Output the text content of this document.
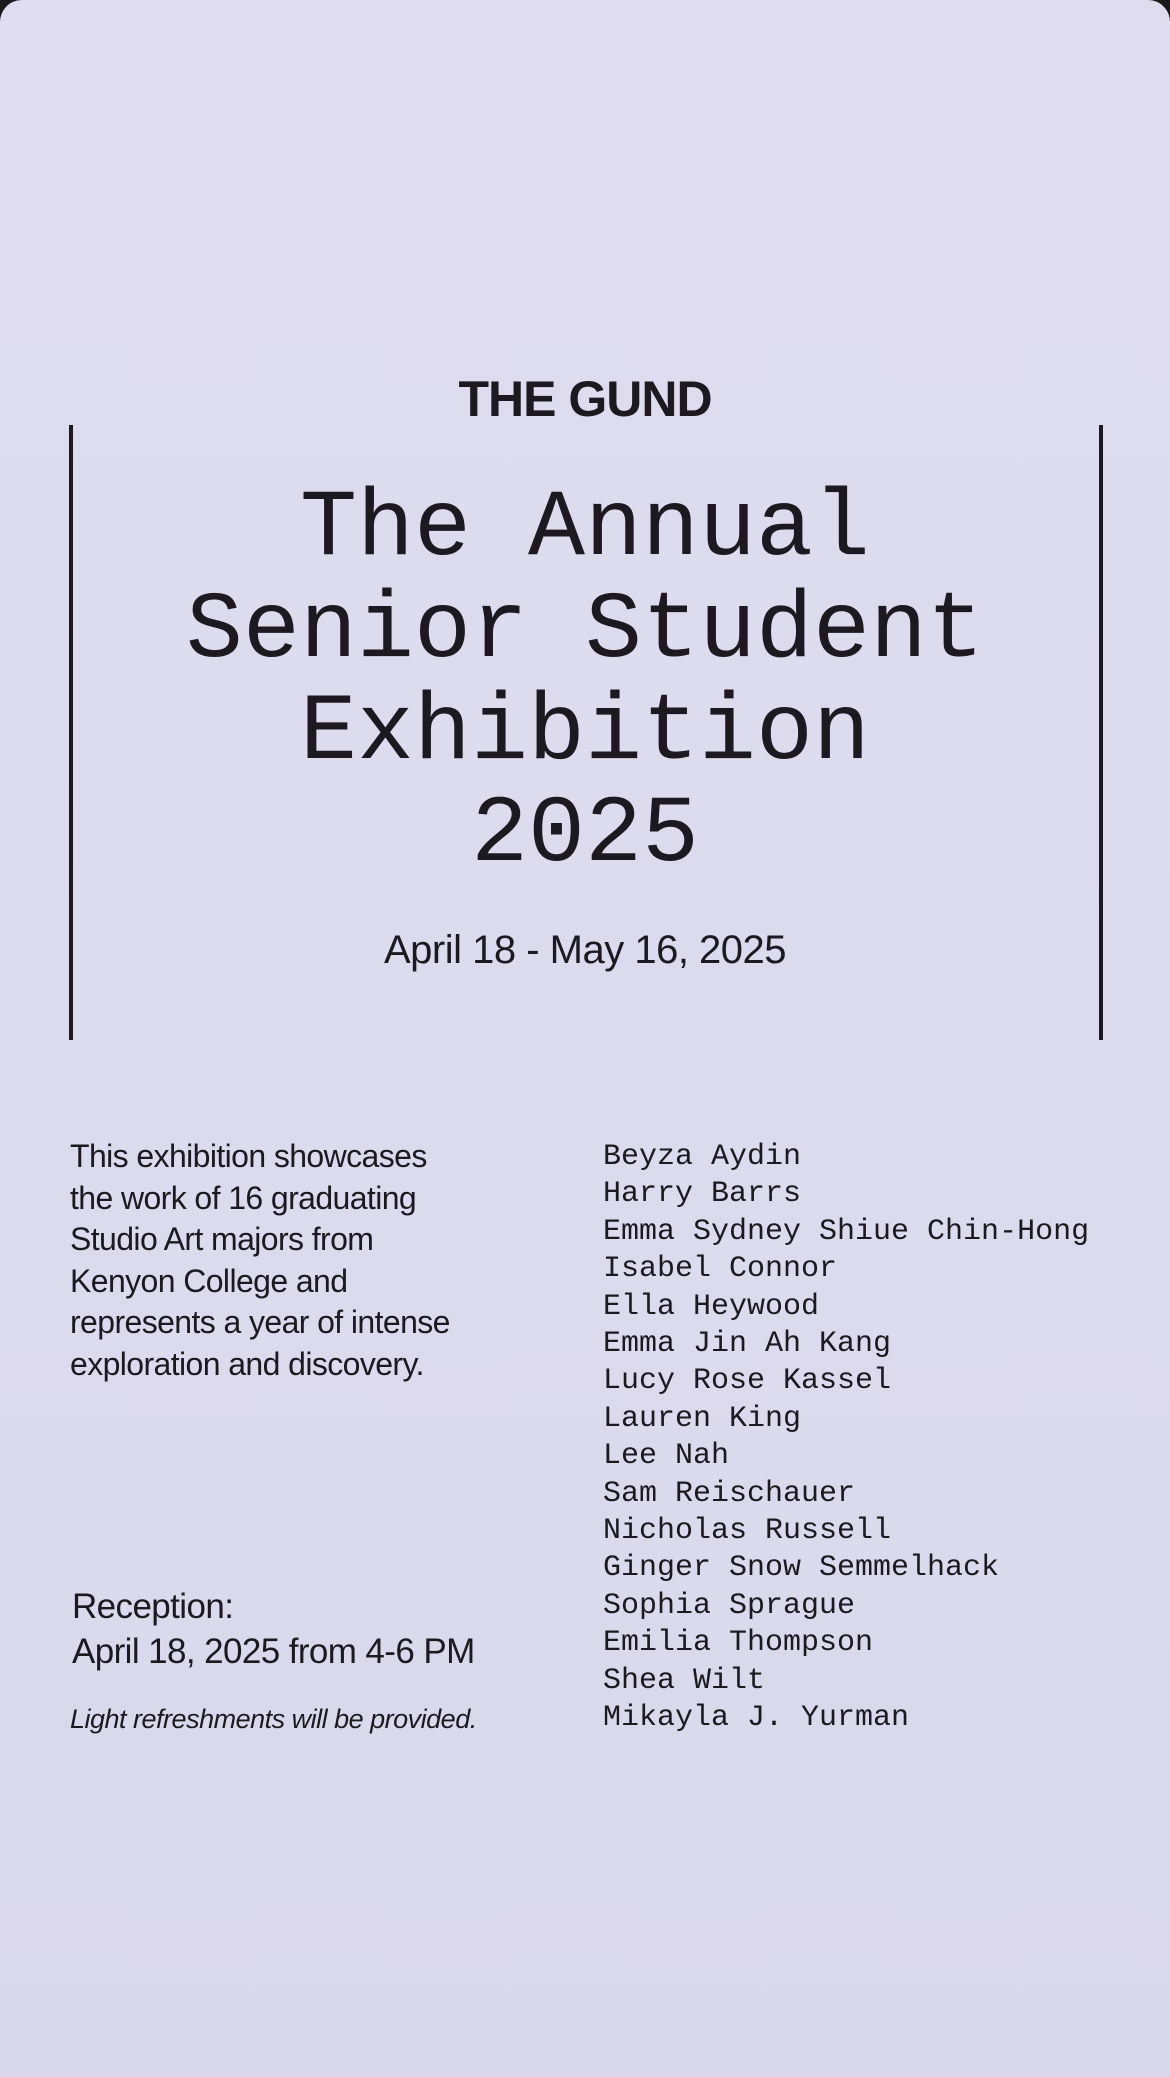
THE GUND
The Annual
Senior Student
Exhibition
2025
April 18 - May 16, 2025
This exhibition showcases
the work of 16 graduating
Studio Art majors from
Kenyon College and
represents a year of intense
exploration and discovery.
Reception:
April 18, 2025 from 4-6 PM
Light refreshments will be provided.
Beyza Aydin
Harry Barrs
Emma Sydney Shiue Chin-Hong
Isabel Connor
Ella Heywood
Emma Jin Ah Kang
Lucy Rose Kassel
Lauren King
Lee Nah
Sam Reischauer
Nicholas Russell
Ginger Snow Semmelhack
Sophia Sprague
Emilia Thompson
Shea Wilt
Mikayla J. Yurman
